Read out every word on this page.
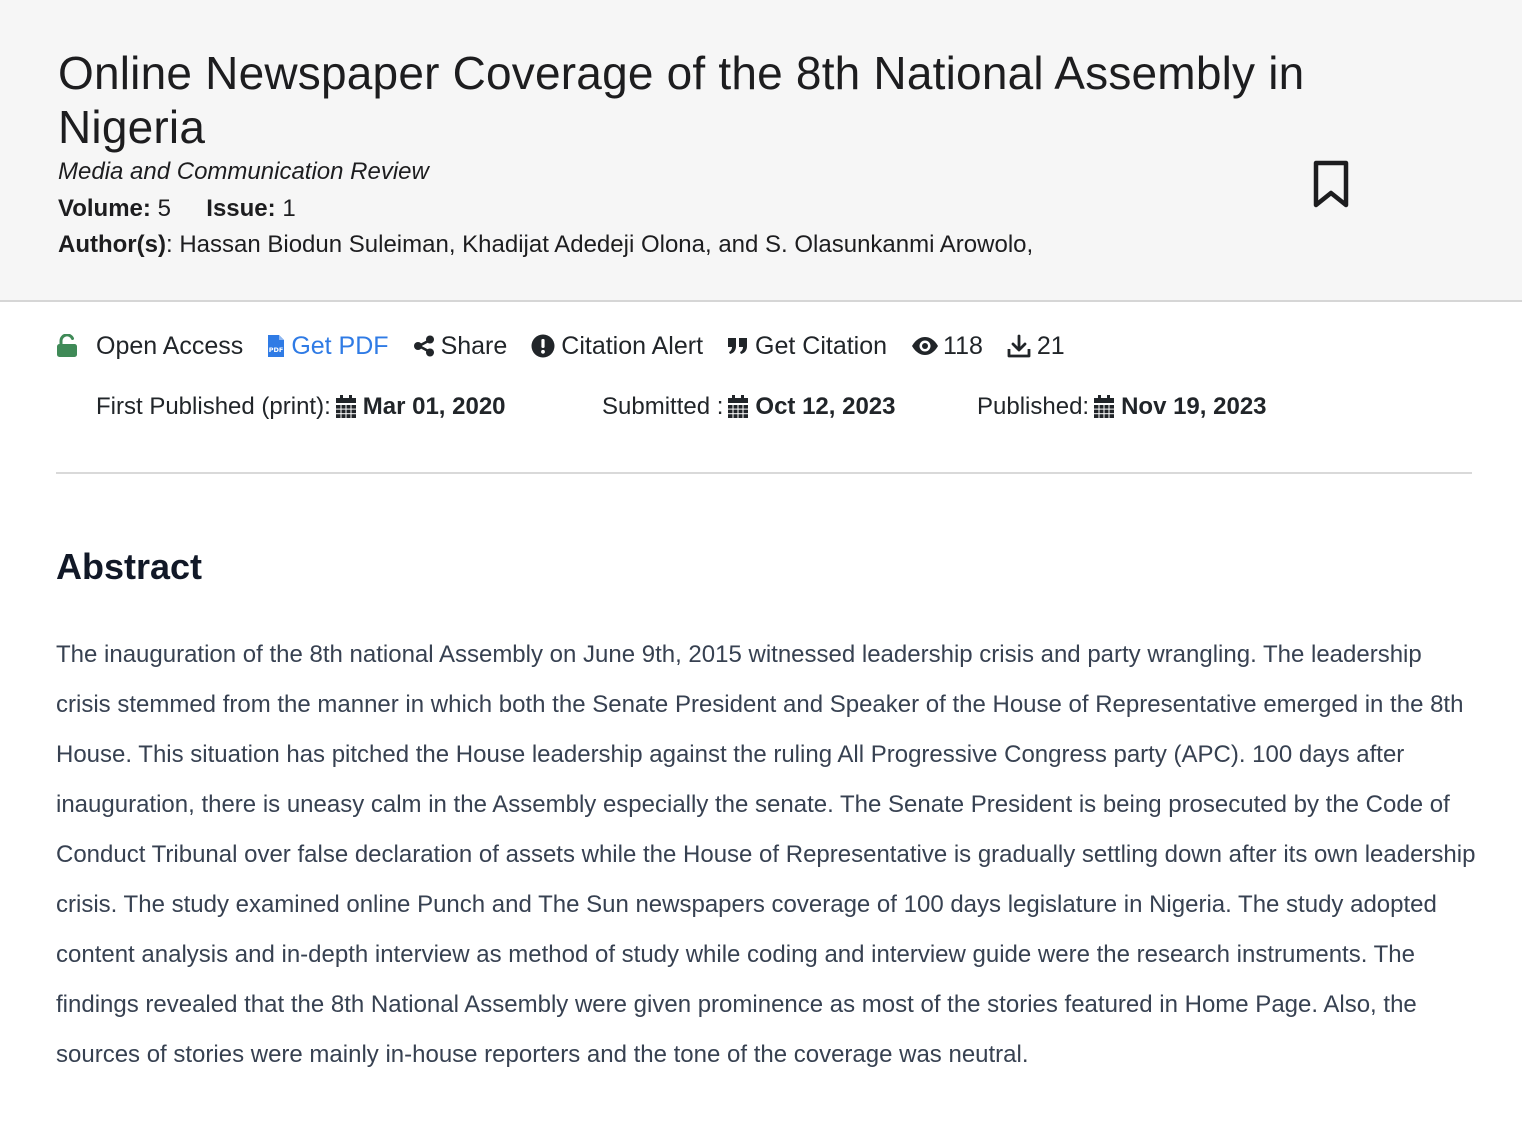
Online Newspaper Coverage of the 8th National Assembly in Nigeria
Media and Communication Review
Volume: 5 Issue: 1
Author(s): Hassan Biodun Suleiman, Khadijat Adedeji Olona, and S. Olasunkanmi Arowolo,
Open Access	PDF Get PDF Share Citation Alert Get Citation 118 21
First Published (print): Mar 01, 2020	Submitted : Oct 12, 2023	Published: Nov 19, 2023
Abstract

The inauguration of the 8th national Assembly on June 9th, 2015 witnessed leadership crisis and party wrangling. The leadership crisis stemmed from the manner in which both the Senate President and Speaker of the House of Representative emerged in the 8th House. This situation has pitched the House leadership against the ruling All Progressive Congress party (APC). 100 days after inauguration, there is uneasy calm in the Assembly especially the senate. The Senate President is being prosecuted by the Code of Conduct Tribunal over false declaration of assets while the House of Representative is gradually settling down after its own leadership crisis. The study examined online Punch and The Sun newspapers coverage of 100 days legislature in Nigeria. The study adopted content analysis and in-depth interview as method of study while coding and interview guide were the research instruments. The findings revealed that the 8th National Assembly were given prominence as most of the stories featured in Home Page. Also, the sources of stories were mainly in-house reporters and the tone of the coverage was neutral.
